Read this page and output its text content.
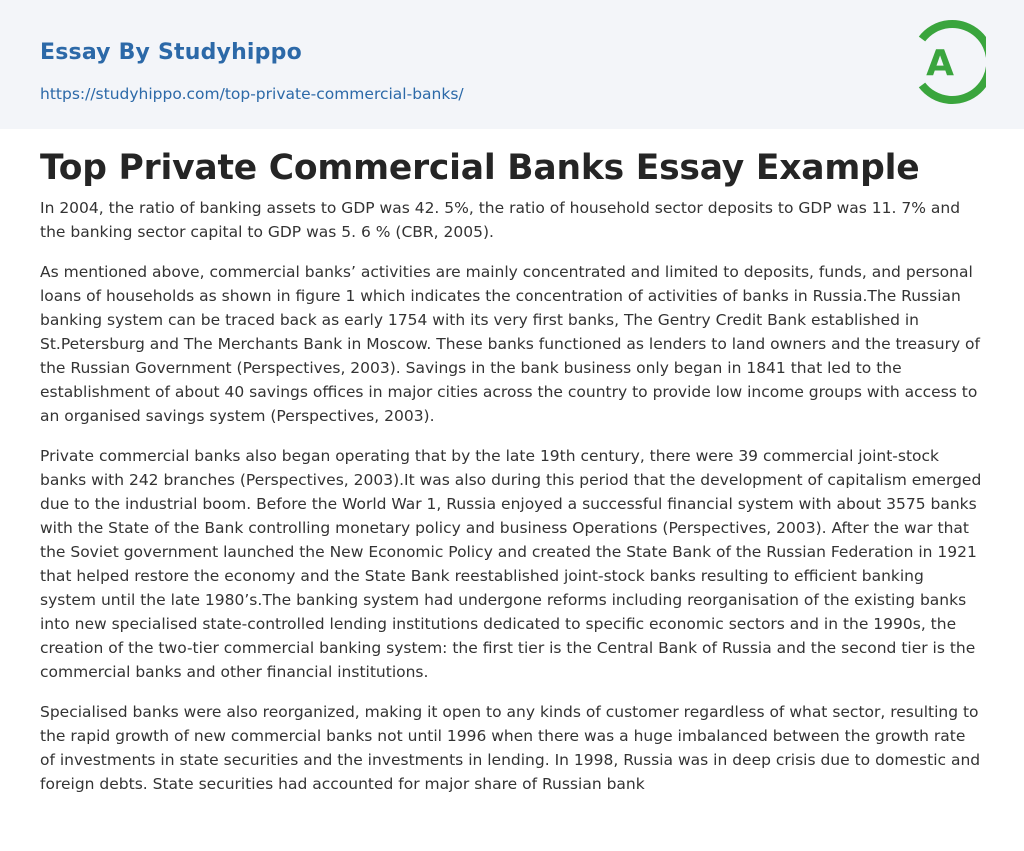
Essay By Studyhippo
https://studyhippo.com/top-private-commercial-banks/
A
Top Private Commercial Banks Essay Example

In 2004, the ratio of banking assets to GDP was 42. 5%, the ratio of household sector deposits to GDP was 11. 7% and the banking sector capital to GDP was 5. 6 % (CBR, 2005).

As mentioned above, commercial banks’ activities are mainly concentrated and limited to deposits, funds, and personal loans of households as shown in figure 1 which indicates the concentration of activities of banks in Russia.The Russian banking system can be traced back as early 1754 with its very first banks, The Gentry Credit Bank established in St.Petersburg and The Merchants Bank in Moscow. These banks functioned as lenders to land owners and the treasury of the Russian Government (Perspectives, 2003). Savings in the bank business only began in 1841 that led to the establishment of about 40 savings offices in major cities across the country to provide low income groups with access to an organised savings system (Perspectives, 2003).

Private commercial banks also began operating that by the late 19th century, there were 39 commercial joint-stock banks with 242 branches (Perspectives, 2003).It was also during this period that the development of capitalism emerged due to the industrial boom. Before the World War 1, Russia enjoyed a successful financial system with about 3575 banks with the State of the Bank controlling monetary policy and business Operations (Perspectives, 2003). After the war that the Soviet government launched the New Economic Policy and created the State Bank of the Russian Federation in 1921 that helped restore the economy and the State Bank reestablished joint-stock banks resulting to efficient banking system until the late 1980’s.The banking system had undergone reforms including reorganisation of the existing banks into new specialised state-controlled lending institutions dedicated to specific economic sectors and in the 1990s, the creation of the two-tier commercial banking system: the first tier is the Central Bank of Russia and the second tier is the commercial banks and other financial institutions.

Specialised banks were also reorganized, making it open to any kinds of customer regardless of what sector, resulting to the rapid growth of new commercial banks not until 1996 when there was a huge imbalanced between the growth rate of investments in state securities and the investments in lending. In 1998, Russia was in deep crisis due to domestic and foreign debts. State securities had accounted for major share of Russian bank
